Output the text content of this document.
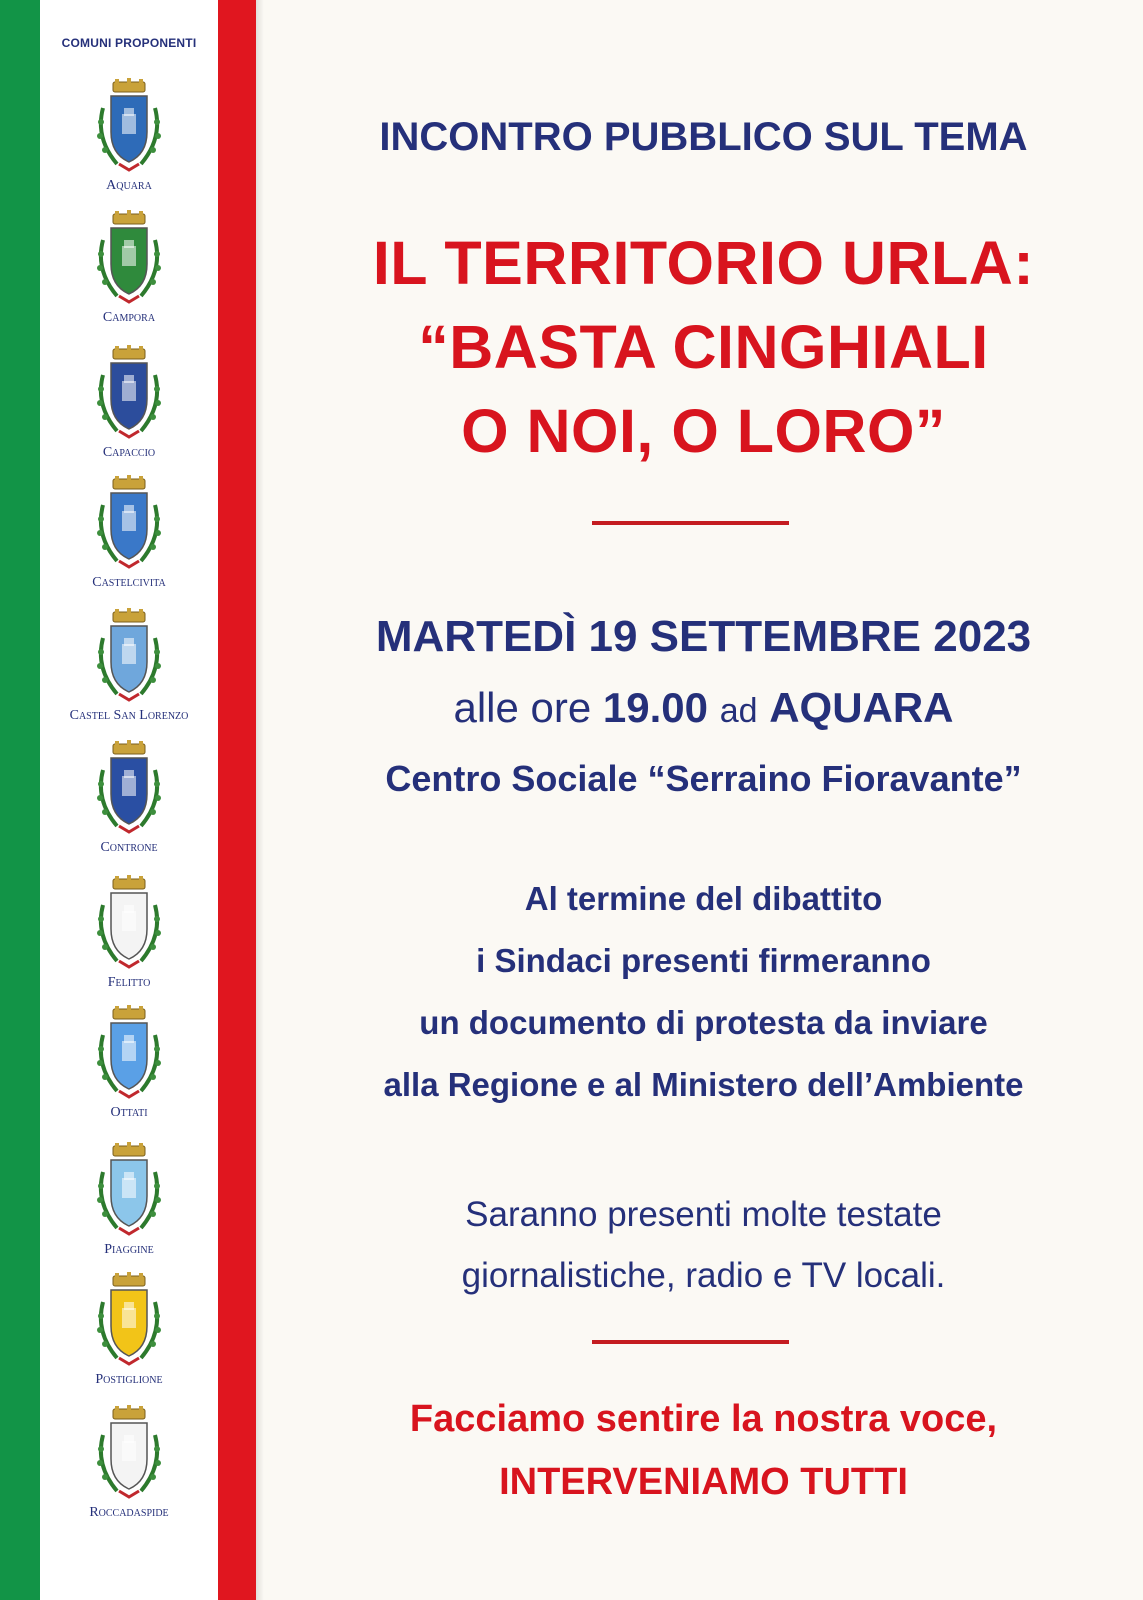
COMUNI PROPONENTI
Aquara
Campora
Capaccio
Castelcivita
Castel San Lorenzo
Controne
Felitto
Ottati
Piaggine
Postiglione
Roccadaspide
INCONTRO PUBBLICO SUL TEMA
IL TERRITORIO URLA:
“BASTA CINGHIALI
O NOI, O LORO”
MARTEDÌ 19 SETTEMBRE 2023
alle ore 19.00 ad AQUARA
Centro Sociale “Serraino Fioravante”
Al termine del dibattito
i Sindaci presenti firmeranno
un documento di protesta da inviare
alla Regione e al Ministero dell’Ambiente
Saranno presenti molte testate
giornalistiche, radio e TV locali.
Facciamo sentire la nostra voce,
INTERVENIAMO TUTTI
